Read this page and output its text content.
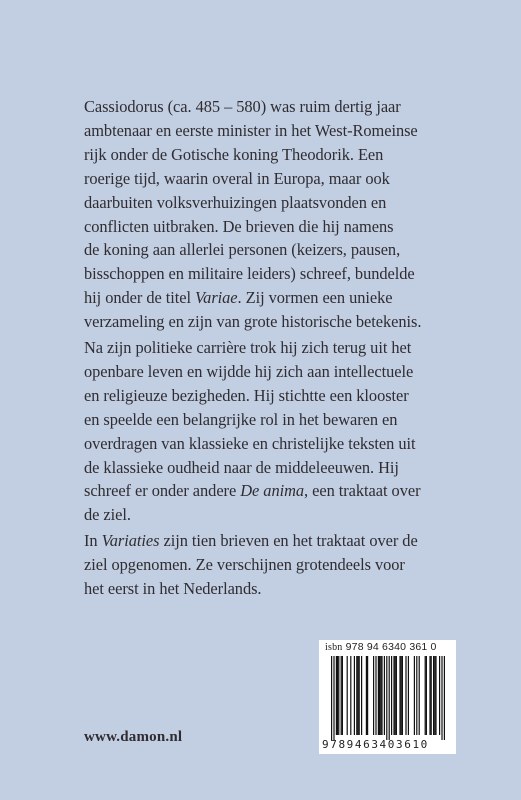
Cassiodorus (ca. 485 – 580) was ruim dertig jaar
ambtenaar en eerste minister in het West-Romeinse
rijk onder de Gotische koning Theodorik. Een
roerige tijd, waarin overal in Europa, maar ook
daarbuiten volksverhuizingen plaatsvonden en
conflicten uitbraken. De brieven die hij namens
de koning aan allerlei personen (keizers, pausen,
bisschoppen en militaire leiders) schreef, bundelde
hij onder de titel Variae. Zij vormen een unieke
verzameling en zijn van grote historische betekenis.

Na zijn politieke carrière trok hij zich terug uit het
openbare leven en wijdde hij zich aan intellectuele
en religieuze bezigheden. Hij stichtte een klooster
en speelde een belangrijke rol in het bewaren en
overdragen van klassieke en christelijke teksten uit
de klassieke oudheid naar de middeleeuwen. Hij
schreef er onder andere De anima, een traktaat over
de ziel.

In Variaties zijn tien brieven en het traktaat over de
ziel opgenomen. Ze verschijnen grotendeels voor
het eerst in het Nederlands.

www.damon.nl
isbn 978 94 6340 361 0
9789463403610
